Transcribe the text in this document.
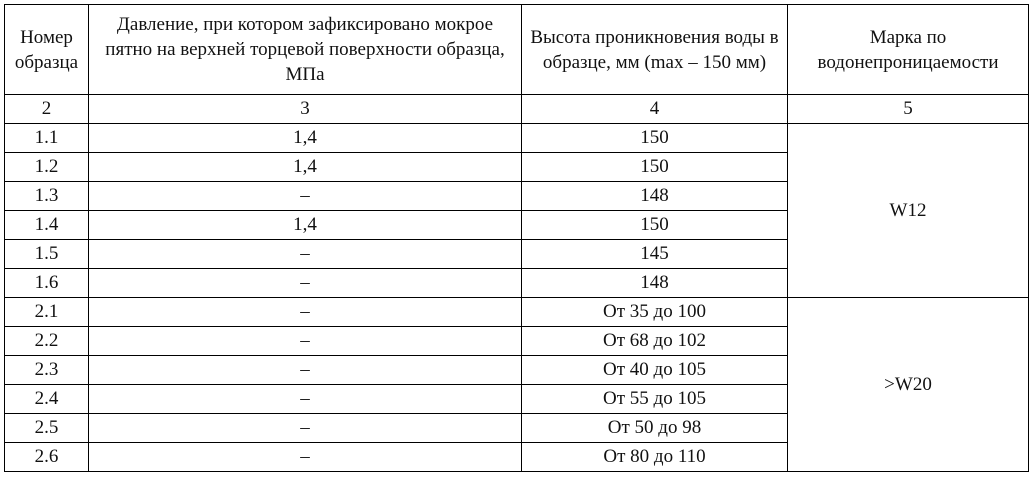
Номер образца	Давление, при котором зафиксировано мокрое пятно на верхней торцевой поверхности образца, МПа	Высота проникновения воды в образце, мм (max – 150 мм)	Марка по водонепроницаемости
2	3	4	5
1.1	1,4	150	W12
1.2	1,4	150	
1.3	–	148	
1.4	1,4	150	
1.5	–	145	
1.6	–	148	
2.1	–	От 35 до 100	>W20
2.2	–	От 68 до 102	
2.3	–	От 40 до 105	
2.4	–	От 55 до 105	
2.5	–	От 50 до 98	
2.6	–	От 80 до 110	
